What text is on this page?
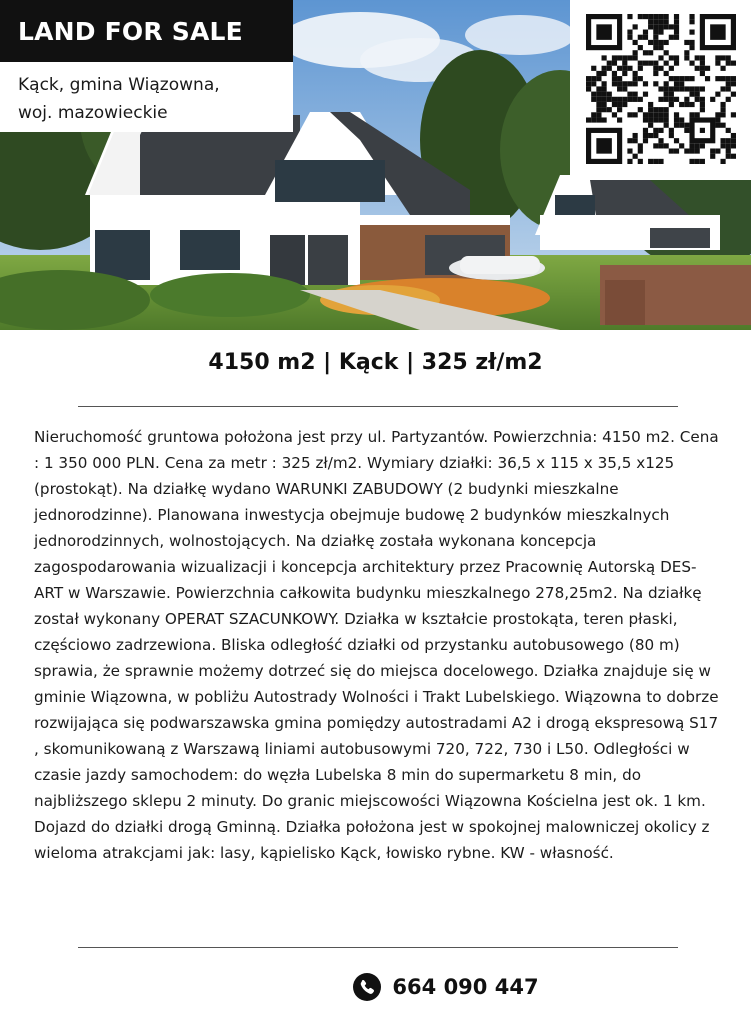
LAND FOR SALE
Kąck, gmina Wiązowna,
woj. mazowieckie
4150 m2 | Kąck | 325 zł/m2
Nieruchomość gruntowa położona jest przy ul. Partyzantów. Powierzchnia: 4150 m2. Cena : 1 350 000 PLN. Cena za metr : 325 zł/m2. Wymiary działki: 36,5 x 115 x 35,5 x125 (prostokąt). Na działkę wydano WARUNKI ZABUDOWY (2 budynki mieszkalne jednorodzinne). Planowana inwestycja obejmuje budowę 2 budynków mieszkalnych jednorodzinnych, wolnostojących. Na działkę została wykonana koncepcja zagospodarowania wizualizacji i koncepcja architektury przez Pracownię Autorską DES-ART w Warszawie. Powierzchnia całkowita budynku mieszkalnego 278,25m2. Na działkę został wykonany OPERAT SZACUNKOWY. Działka w kształcie prostokąta, teren płaski, częściowo zadrzewiona. Bliska odległość działki od przystanku autobusowego (80 m) sprawia, że sprawnie możemy dotrzeć się do miejsca docelowego. Działka znajduje się w gminie Wiązowna, w pobliżu Autostrady Wolności i Trakt Lubelskiego. Wiązowna to dobrze rozwijająca się podwarszawska gmina pomiędzy autostradami A2 i drogą ekspresową S17 , skomunikowaną z Warszawą liniami autobusowymi 720, 722, 730 i L50. Odległości w czasie jazdy samochodem: do węzła Lubelska 8 min do supermarketu 8 min, do najbliższego sklepu 2 minuty. Do granic miejscowości Wiązowna Kościelna jest ok. 1 km. Dojazd do działki drogą Gminną. Działka położona jest w spokojnej malowniczej okolicy z wieloma atrakcjami jak: lasy, kąpielisko Kąck, łowisko rybne. KW - własność.
664 090 447
